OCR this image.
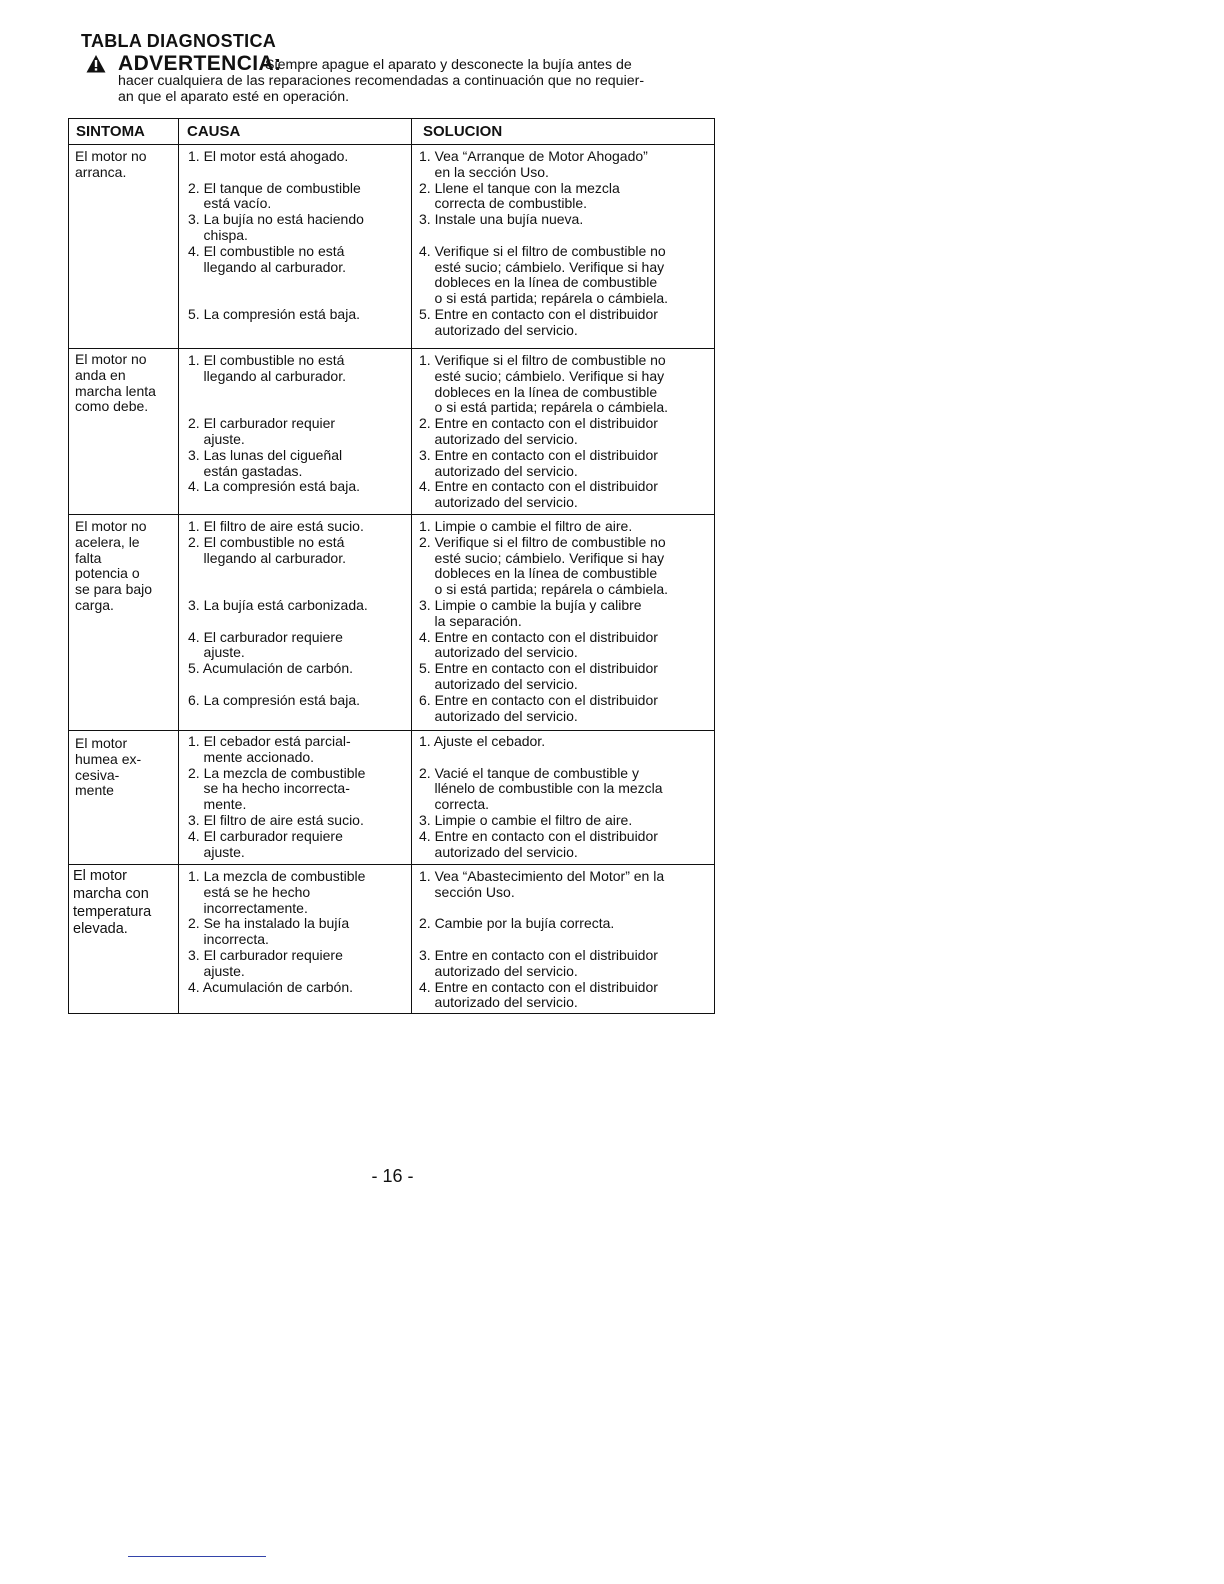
TABLA DIAGNOSTICA
ADVERTENCIA:
Siempre apague el aparato y desconecte la bujía antes de
hacer cualquiera de las reparaciones recomendadas a continuación que no requier-
an que el aparato esté en operación.
SINTOMA	CAUSA	SOLUCION
El motor no
arranca.
1. El motor está ahogado.
2. El tanque de combustible
está vacío.
3. La bujía no está haciendo
chispa.
4. El combustible no está
llegando al carburador.
5. La compresión está baja.
1. Vea “Arranque de Motor Ahogado”
en la sección Uso.
2. Llene el tanque con la mezcla
correcta de combustible.
3. Instale una bujía nueva.
4. Verifique si el filtro de combustible no
esté sucio; cámbielo. Verifique si hay
dobleces en la línea de combustible
o si está partida; repárela o cámbiela.
5. Entre en contacto con el distribuidor
autorizado del servicio.
El motor no
anda en
marcha lenta
como debe.
1. El combustible no está
llegando al carburador.
2. El carburador requier
ajuste.
3. Las lunas del cigueñal
están gastadas.
4. La compresión está baja.
1. Verifique si el filtro de combustible no
esté sucio; cámbielo. Verifique si hay
dobleces en la línea de combustible
o si está partida; repárela o cámbiela.
2. Entre en contacto con el distribuidor
autorizado del servicio.
3. Entre en contacto con el distribuidor
autorizado del servicio.
4. Entre en contacto con el distribuidor
autorizado del servicio.
El motor no
acelera, le
falta
potencia o
se para bajo
carga.
1. El filtro de aire está sucio.
2. El combustible no está
llegando al carburador.
3. La bujía está carbonizada.
4. El carburador requiere
ajuste.
5. Acumulación de carbón.
6. La compresión está baja.
1. Limpie o cambie el filtro de aire.
2. Verifique si el filtro de combustible no
esté sucio; cámbielo. Verifique si hay
dobleces en la línea de combustible
o si está partida; repárela o cámbiela.
3. Limpie o cambie la bujía y calibre
la separación.
4. Entre en contacto con el distribuidor
autorizado del servicio.
5. Entre en contacto con el distribuidor
autorizado del servicio.
6. Entre en contacto con el distribuidor
autorizado del servicio.
El motor
humea ex-
cesiva-
mente
1. El cebador está parcial-
mente accionado.
2. La mezcla de combustible
se ha hecho incorrecta-
mente.
3. El filtro de aire está sucio.
4. El carburador requiere
ajuste.
1. Ajuste el cebador.
2. Vacié el tanque de combustible y
llénelo de combustible con la mezcla
correcta.
3. Limpie o cambie el filtro de aire.
4. Entre en contacto con el distribuidor
autorizado del servicio.
El motor
marcha con
temperatura
elevada.
1. La mezcla de combustible
está se he hecho
incorrectamente.
2. Se ha instalado la bujía
incorrecta.
3. El carburador requiere
ajuste.
4. Acumulación de carbón.
1. Vea “Abastecimiento del Motor” en la
sección Uso.
2. Cambie por la bujía correcta.
3. Entre en contacto con el distribuidor
autorizado del servicio.
4. Entre en contacto con el distribuidor
autorizado del servicio.
- 16 -
